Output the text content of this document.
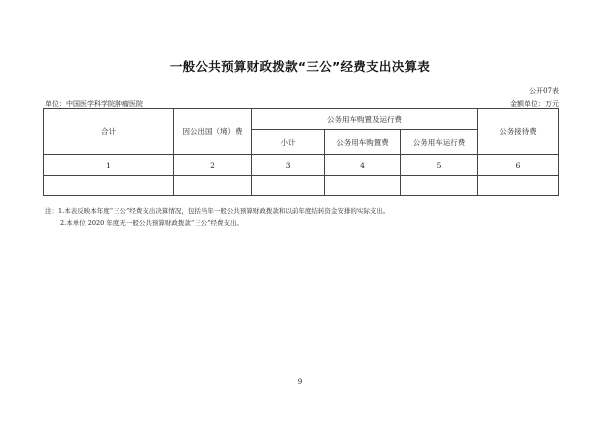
一般公共预算财政拨款“三公”经费支出决算表
公开07表
单位：中国医学科学院肿瘤医院	金额单位：万元
合计	因公出国（境）费	公务用车购置及运行费			公务接待费
		小计	公务用车购置费	公务用车运行费	
1	2	3	4	5	6

注：1.本表反映本年度“三公”经费支出决算情况，包括当年一般公共预算财政拨款和以前年度结转资金安排的实际支出。
2.本单位 2020 年度无一般公共预算财政拨款“三公”经费支出。
9
